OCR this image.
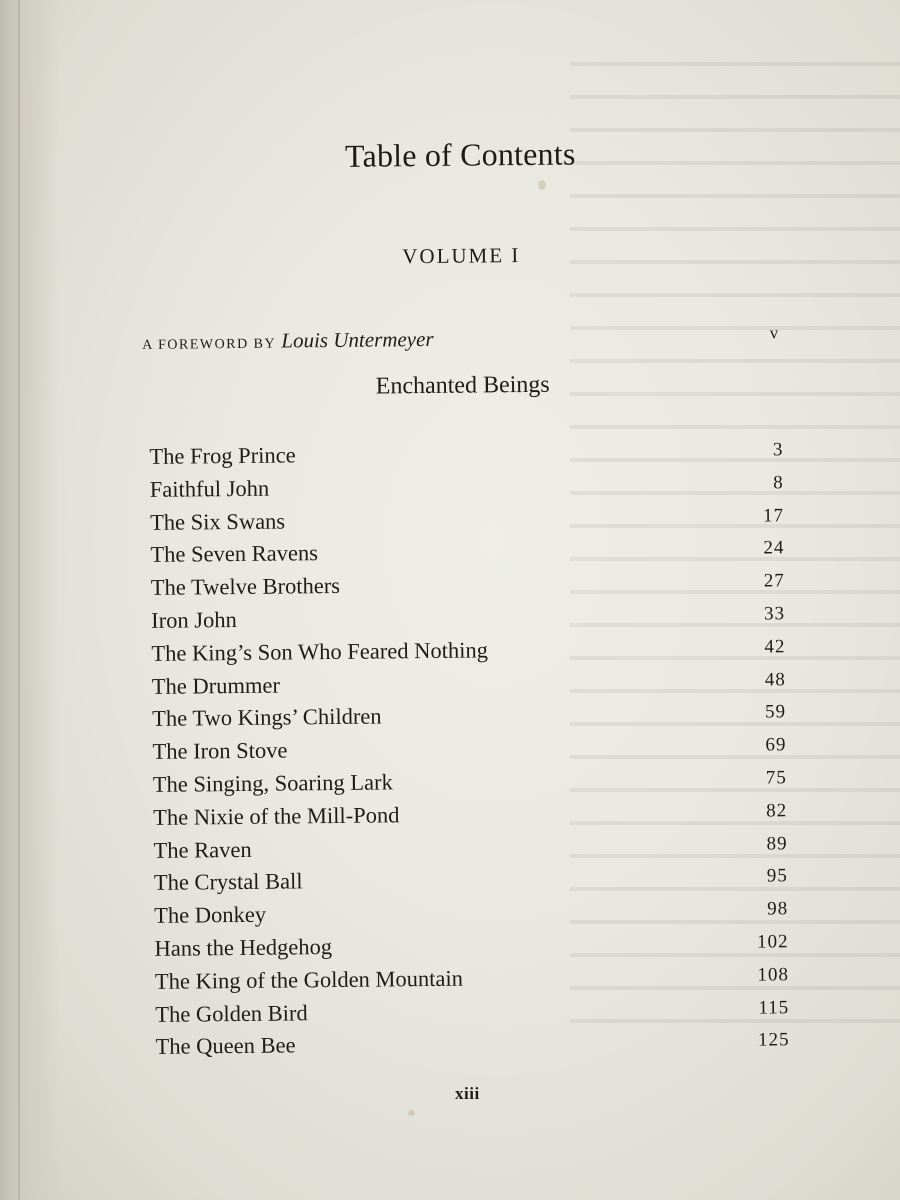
Table of Contents
VOLUME I
A FOREWORD BY Louis Untermeyer	v
Enchanted Beings
The Frog Prince	3
Faithful John	8
The Six Swans	17
The Seven Ravens	24
The Twelve Brothers	27
Iron John	33
The King’s Son Who Feared Nothing	42
The Drummer	48
The Two Kings’ Children	59
The Iron Stove	69
The Singing, Soaring Lark	75
The Nixie of the Mill-Pond	82
The Raven	89
The Crystal Ball	95
The Donkey	98
Hans the Hedgehog	102
The King of the Golden Mountain	108
The Golden Bird	115
The Queen Bee	125
xiii
